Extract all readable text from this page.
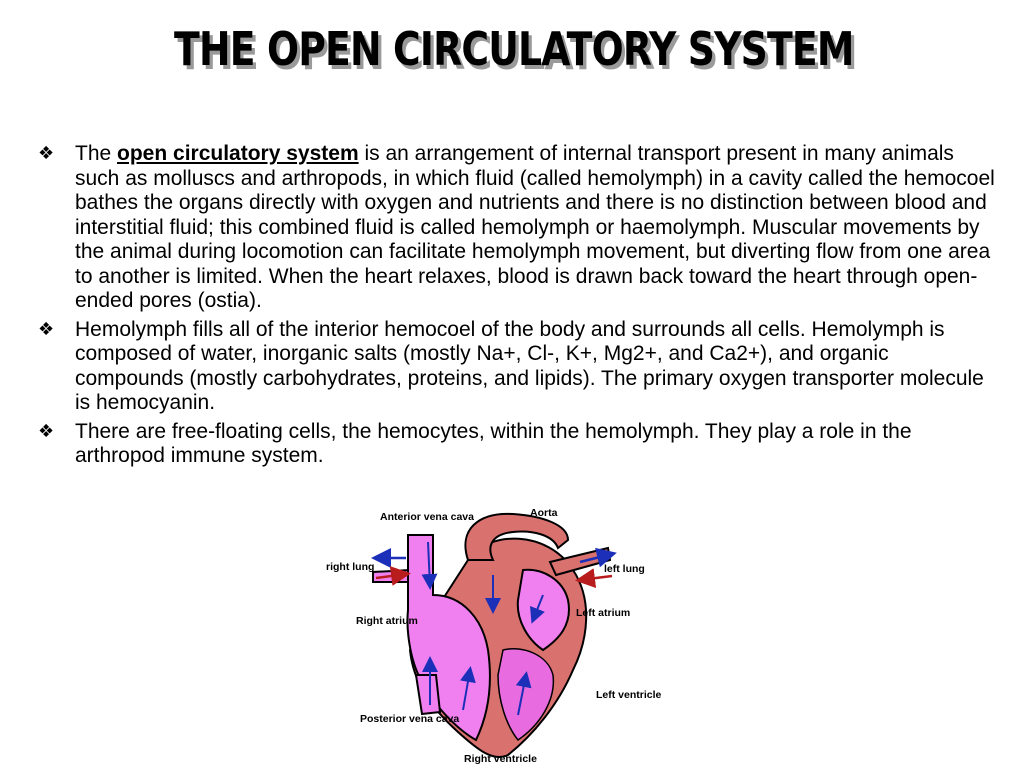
THE OPEN CIRCULATORY SYSTEM
❖ The open circulatory system is an arrangement of internal transport present in many animals such as molluscs and arthropods, in which fluid (called hemolymph) in a cavity called the hemocoel bathes the organs directly with oxygen and nutrients and there is no distinction between blood and interstitial fluid; this combined fluid is called hemolymph or haemolymph. Muscular movements by the animal during locomotion can facilitate hemolymph movement, but diverting flow from one area to another is limited. When the heart relaxes, blood is drawn back toward the heart through open-ended pores (ostia).
❖ Hemolymph fills all of the interior hemocoel of the body and surrounds all cells. Hemolymph is composed of water, inorganic salts (mostly Na+, Cl-, K+, Mg2+, and Ca2+), and organic compounds (mostly carbohydrates, proteins, and lipids). The primary oxygen transporter molecule is hemocyanin.
❖ There are free-floating cells, the hemocytes, within the hemolymph. They play a role in the arthropod immune system.
Anterior vena cava	Aorta
right lung	left lung
Left atrium
Right atrium
Left ventricle
Posterior vena cava
Right ventricle
